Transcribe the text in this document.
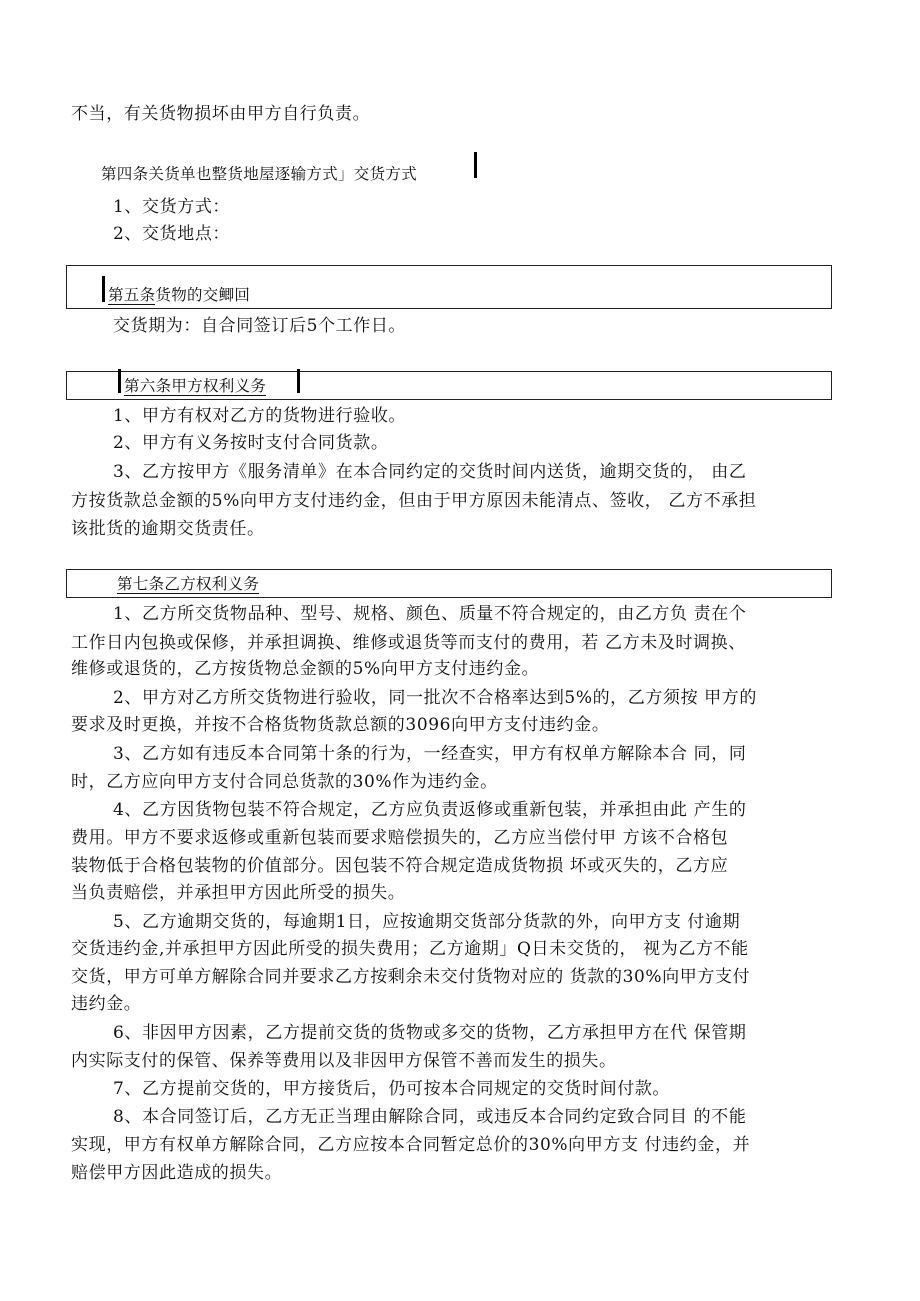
不当，有关货物损坏由甲方自行负责。
第四条关货单也整货地屋逐输方式」交货方式
1、交货方式：
2、交货地点：
第五条货物的交鲫回
交货期为：自合同签订后5个工作日。
第六条甲方权利义务
1、甲方有权对乙方的货物进行验收。
2、甲方有义务按时支付合同货款。
3、乙方按甲方《服务清单》在本合同约定的交货时间内送货，逾期交货的， 由乙
方按货款总金额的5%向甲方支付违约金，但由于甲方原因未能清点、签收， 乙方不承担
该批货的逾期交货责任。
第七条乙方权利义务
1、乙方所交货物品种、型号、规格、颜色、质量不符合规定的，由乙方负 责在个
工作日内包换或保修，并承担调换、维修或退货等而支付的费用，若 乙方未及时调换、
维修或退货的，乙方按货物总金额的5%向甲方支付违约金。
2、甲方对乙方所交货物进行验收，同一批次不合格率达到5%的，乙方须按 甲方的
要求及时更换，并按不合格货物货款总额的3096向甲方支付违约金。
3、乙方如有违反本合同第十条的行为，一经查实，甲方有权单方解除本合 同，同
时，乙方应向甲方支付合同总货款的30%作为违约金。
4、乙方因货物包装不符合规定，乙方应负责返修或重新包装，并承担由此 产生的
费用。甲方不要求返修或重新包装而要求赔偿损失的，乙方应当偿付甲 方该不合格包
装物低于合格包装物的价值部分。因包装不符合规定造成货物损 坏或灭失的，乙方应
当负责赔偿，并承担甲方因此所受的损失。
5、乙方逾期交货的，每逾期1日，应按逾期交货部分货款的外，向甲方支 付逾期
交货违约金,并承担甲方因此所受的损失费用；乙方逾期」Q日未交货的， 视为乙方不能
交货，甲方可单方解除合同并要求乙方按剩余未交付货物对应的 货款的30%向甲方支付
违约金。
6、非因甲方因素，乙方提前交货的货物或多交的货物，乙方承担甲方在代 保管期
内实际支付的保管、保养等费用以及非因甲方保管不善而发生的损失。
7、乙方提前交货的，甲方接货后，仍可按本合同规定的交货时间付款。
8、本合同签订后，乙方无正当理由解除合同，或违反本合同约定致合同目 的不能
实现，甲方有权单方解除合同，乙方应按本合同暂定总价的30%向甲方支 付违约金，并
赔偿甲方因此造成的损失。
